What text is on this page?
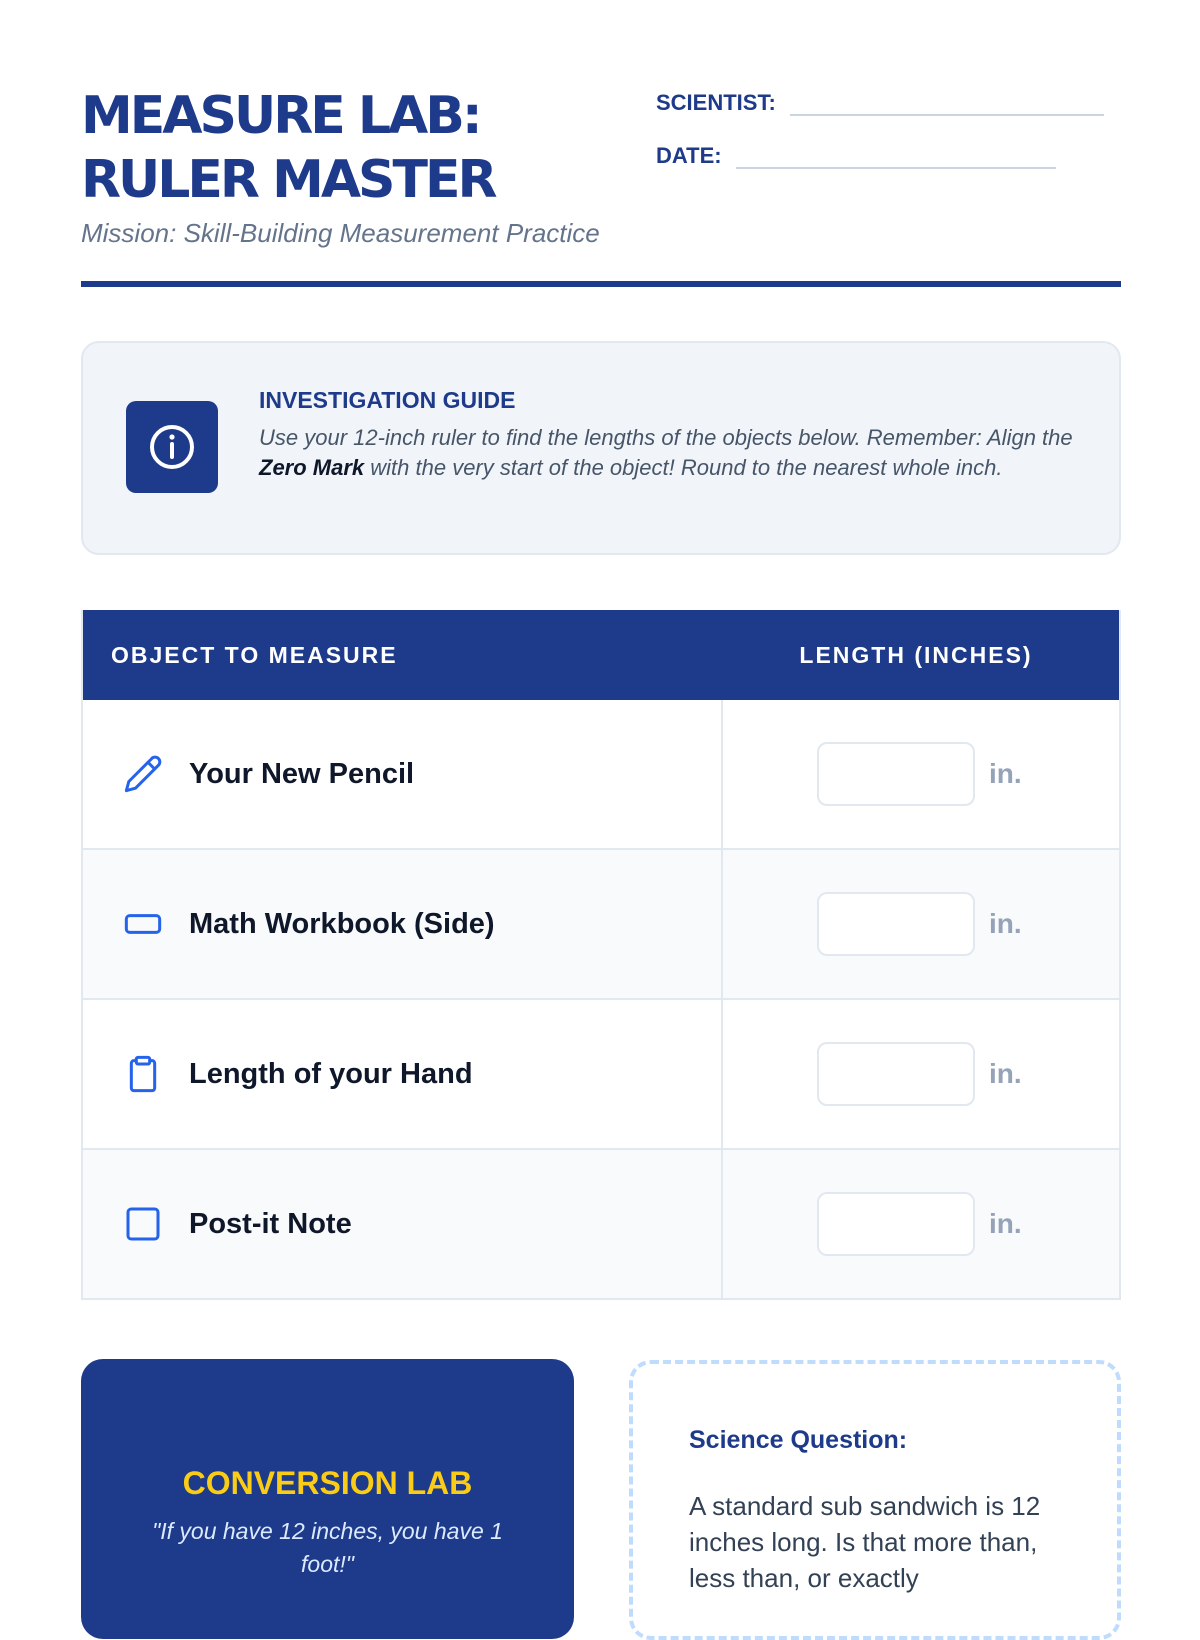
MEASURE LAB:
RULER MASTER

Mission: Skill-Building Measurement Practice

SCIENTIST:
DATE:
INVESTIGATION GUIDE
Use your 12-inch ruler to find the lengths of the objects below. Remember: Align the Zero Mark with the very start of the object! Round to the nearest whole inch.
OBJECT TO MEASURE	LENGTH (INCHES)
Your New Pencil	in.
Math Workbook (Side)	in.
Length of your Hand	in.
Post-it Note	in.
CONVERSION LAB
"If you have 12 inches, you have 1 foot!"
Science Question:
A standard sub sandwich is 12 inches long. Is that more than, less than, or exactly
